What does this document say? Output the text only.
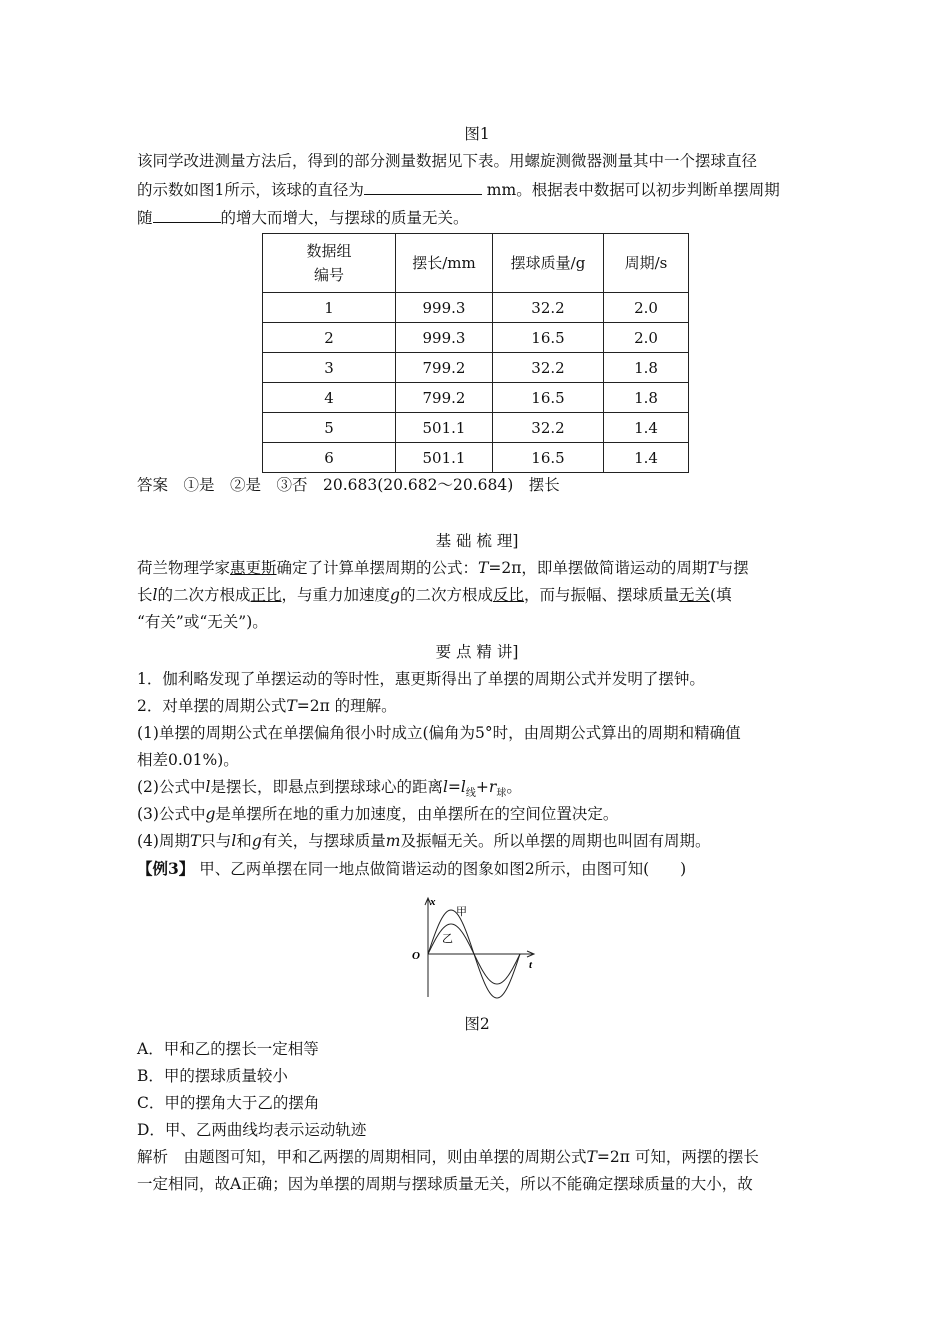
图1
该同学改进测量方法后，得到的部分测量数据见下表。用螺旋测微器测量其中一个摆球直径
的示数如图1所示，该球的直径为	mm。根据表中数据可以初步判断单摆周期
随	的增大而增大，与摆球的质量无关。
数据组
编号	摆长/mm	摆球质量/g	周期/s
1	999.3	32.2	2.0
2	999.3	16.5	2.0
3	799.2	32.2	1.8
4	799.2	16.5	1.8
5	501.1	32.2	1.4
6	501.1	16.5	1.4
答案　①是　②是　③否　20.683(20.682～20.684)　摆长
基 础 梳 理]
荷兰物理学家惠更斯确定了计算单摆周期的公式：T=2π，即单摆做简谐运动的周期T与摆
长l的二次方根成正比，与重力加速度g的二次方根成反比，而与振幅、摆球质量无关(填
“有关”或“无关”)。
要 点 精 讲]
1．伽利略发现了单摆运动的等时性，惠更斯得出了单摆的周期公式并发明了摆钟。
2．对单摆的周期公式T=2π 的理解。
(1)单摆的周期公式在单摆偏角很小时成立(偏角为5°时，由周期公式算出的周期和精确值
相差0.01%)。
(2)公式中l是摆长，即悬点到摆球球心的距离$l=l_线+r_球$。
(3)公式中g是单摆所在地的重力加速度，由单摆所在的空间位置决定。
(4)周期T只与l和g有关，与摆球质量m及振幅无关。所以单摆的周期也叫固有周期。
【例3】 甲、乙两单摆在同一地点做简谐运动的图象如图2所示，由图可知(　　)
x
t
O
甲
乙
图2
A．甲和乙的摆长一定相等
B．甲的摆球质量较小
C．甲的摆角大于乙的摆角
D．甲、乙两曲线均表示运动轨迹
解析　由题图可知，甲和乙两摆的周期相同，则由单摆的周期公式T=2π 可知，两摆的摆长
一定相同，故A正确；因为单摆的周期与摆球质量无关，所以不能确定摆球质量的大小，故
